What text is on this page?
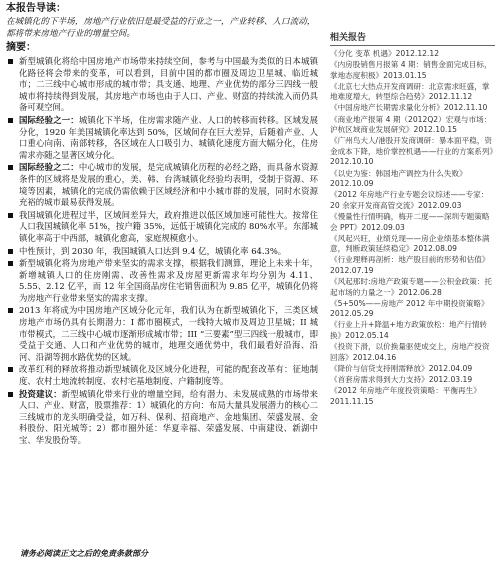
本报告导读：

在城镇化的下半场，房地产行业依旧是最受益的行业之一，产业转移、人口流动，都将带来房地产行业的增量空间。

摘要：
新型城镇化将给中国房地产市场带来持续空间，参考与中国最为类似的日本城镇化路径将会带来的变革，可以看到，目前中国的都市圈及周边卫星城、临近城市；二三线中心城市形成的城市带；具支通、地理、产业优势的部分三四线一般城市将持续得到发展，其房地产市场也由于人口、产业、财富的持续流入而仍具备可观空间。
国际经验之一：城镇化下半场，住房需求随产业、人口的转移而转移。区域发展分化，1920 年美国城镇化率达到 50%，区域间存在巨大差异，后随着产业、人口重心向南、南部转移，各区域在人口吸引力、城镇化速度方面大幅分化，住房需求亦随之显著区域分化。
国际经验之二：中心城市的发展，是完成城镇化历程的必经之路，而具备水资源条件的区域将是发展的重心，美、韩、台湾城镇化经验均表明，受制于资源、环境等因素，城镇化的完成仍需依赖于区域经济和中小城市群的发展，同时水资源充裕的城市最易获得发展。
我国城镇化进程过半，区域间差异大，政府推进以低区域加速可能性大。按常住人口我国城镇化率 51%，按户籍 35%，远低于城镇化完成的 80%水平。东部城镇化率高于中西部，城镇化愈高，家庭规模愈小。
中性预计，到 2030 年，我国城镇人口达到 9.4 亿，城镇化率 64.3%。
新型城镇化将为房地产带来坚实的需求支撑，根据我们测算，理论上未来十年，新增城镇人口的住房刚需、改善性需求及房屋更新需求年均分别为 4.11、5.55、2.12 亿平，而 12 年全国商品房住宅销售面积为 9.85 亿平，城镇化仍将为房地产行业带来坚实的需求支撑。
2013 年将成为中国房地产区域分化元年，我们认为在新型城镇化下，三类区域房地产市场仍具有长期潜力：I 都市圈模式，一线特大城市及周边卫星城；II 城市带模式，二三线中心城市逐渐形成城市带；III “三要素”型三四线一般城市，即受益于交通、人口和产业优势的城市，地理交通优势中，我们最看好沿海、沿河、沿湖等拥水路优势的区域。
改革红利的释放将推动新型城镇化及区域分化进程，可能的配套改革有：征地制度、农村土地流转制度、农村宅基地制度、户籍制度等。
投资建议：新型城镇化带来行业的增量空间，给有潜力、未发展成熟的市场带来人口、产业、财富，股票推荐：1）城镇化的方向：布局大量具发展潜力的核心二三线城市的龙头明确受益，如万科、保利、招商地产、金地集团、荣盛发展、金科股份、阳光城等；2）都市圈外延：华夏幸福、荣盛发展、中南建设、新湖中宝、华发股份等。
请务必阅读正文之后的免责条款部分
相关报告
《分化 变革 机遇》2012.12.12
《内房股销售月报第 4 期：销售金面完成目标，掌地态度积极》2013.01.15
《北京七大热点开发商调研：北京需求旺盛，掌地难度增大，转型综合趋势》2012.11.12
《中国房地产长期需求量化分析》2012.11.10
《商业地产报第 4 期（2012Q2）宏观与市场：沪杭区域商业发展研究》2012.10.15
《广州鸟大人/港股开发商调研：暴本面平稳，资金成本下降，地价掌控机遇——行业的方案系列》2012.10.10
《以史为鉴：韩国地产调控为什么失败》2012.10.09
《2012 年房地产行业专题会议综述——专家：20 余家开发商高管交流》2012.09.03
《慢量性行情明确，梅开二度——深圳专题策略会 PPT》2012.09.03
《风起兴旺，业绩兑现——房企业绩基本整体满意，判断政策延续稳定》2012.08.09
《行业理释再剖析：地产股目前的形势和估值》2012.07.19
《风起那时:房地产政策专题——公积金政策：托起市场的力量之一》2012.06.28
《5+50%——房地产 2012 年中期投资策略》2012.05.29
《行业上升+降温+地方政策放松：地产行情转换》2012.05.14
《投资下滑，以价换量驱使成交上，房地产投资回落》2012.04.16
《降价与信贷支持刚需释放》2012.04.09
《首套房需求得到大力支持》2012.03.19
《2012 年房地产年度投资策略：平衡再生》2011.11.15
